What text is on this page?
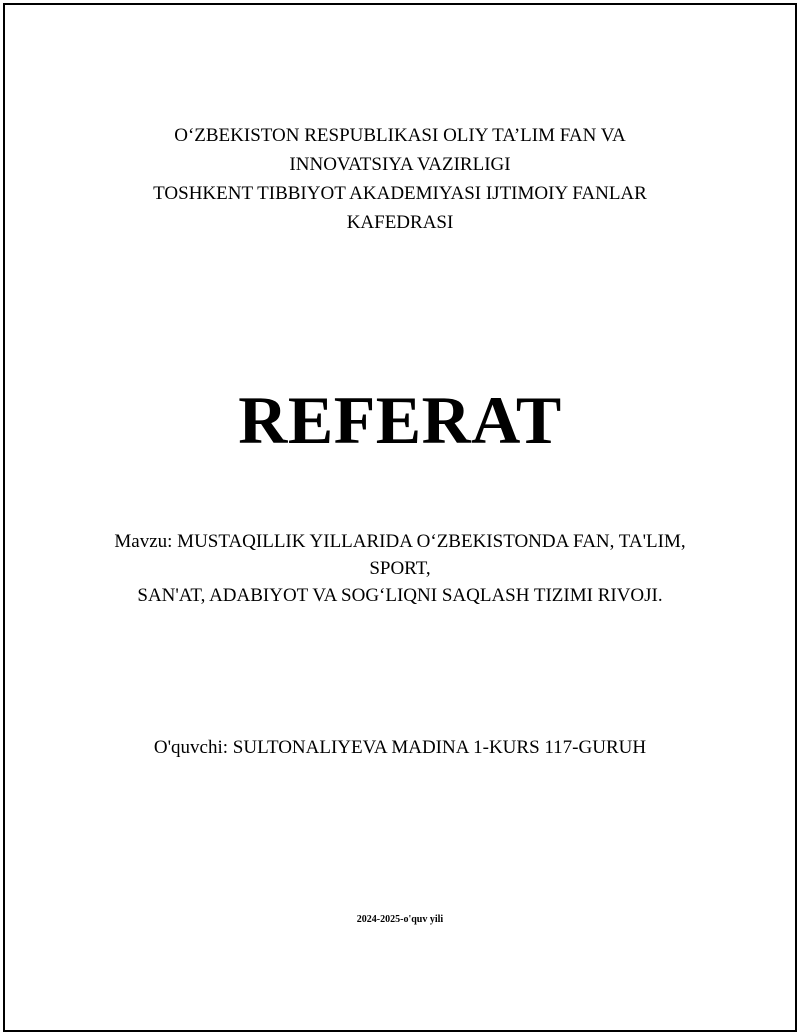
O‘ZBEKISTON RESPUBLIKASI OLIY TA’LIM FAN VA
INNOVATSIYA VAZIRLIGI
TOSHKENT TIBBIYOT AKADEMIYASI IJTIMOIY FANLAR
KAFEDRASI
REFERAT
Mavzu: MUSTAQILLIK YILLARIDA O‘ZBEKISTONDA FAN, TA'LIM,
SPORT,
SAN'AT, ADABIYOT VA SOG‘LIQNI SAQLASH TIZIMI RIVOJI.
O'quvchi: SULTONALIYEVA MADINA 1-KURS 117-GURUH
2024-2025-o'quv yili
